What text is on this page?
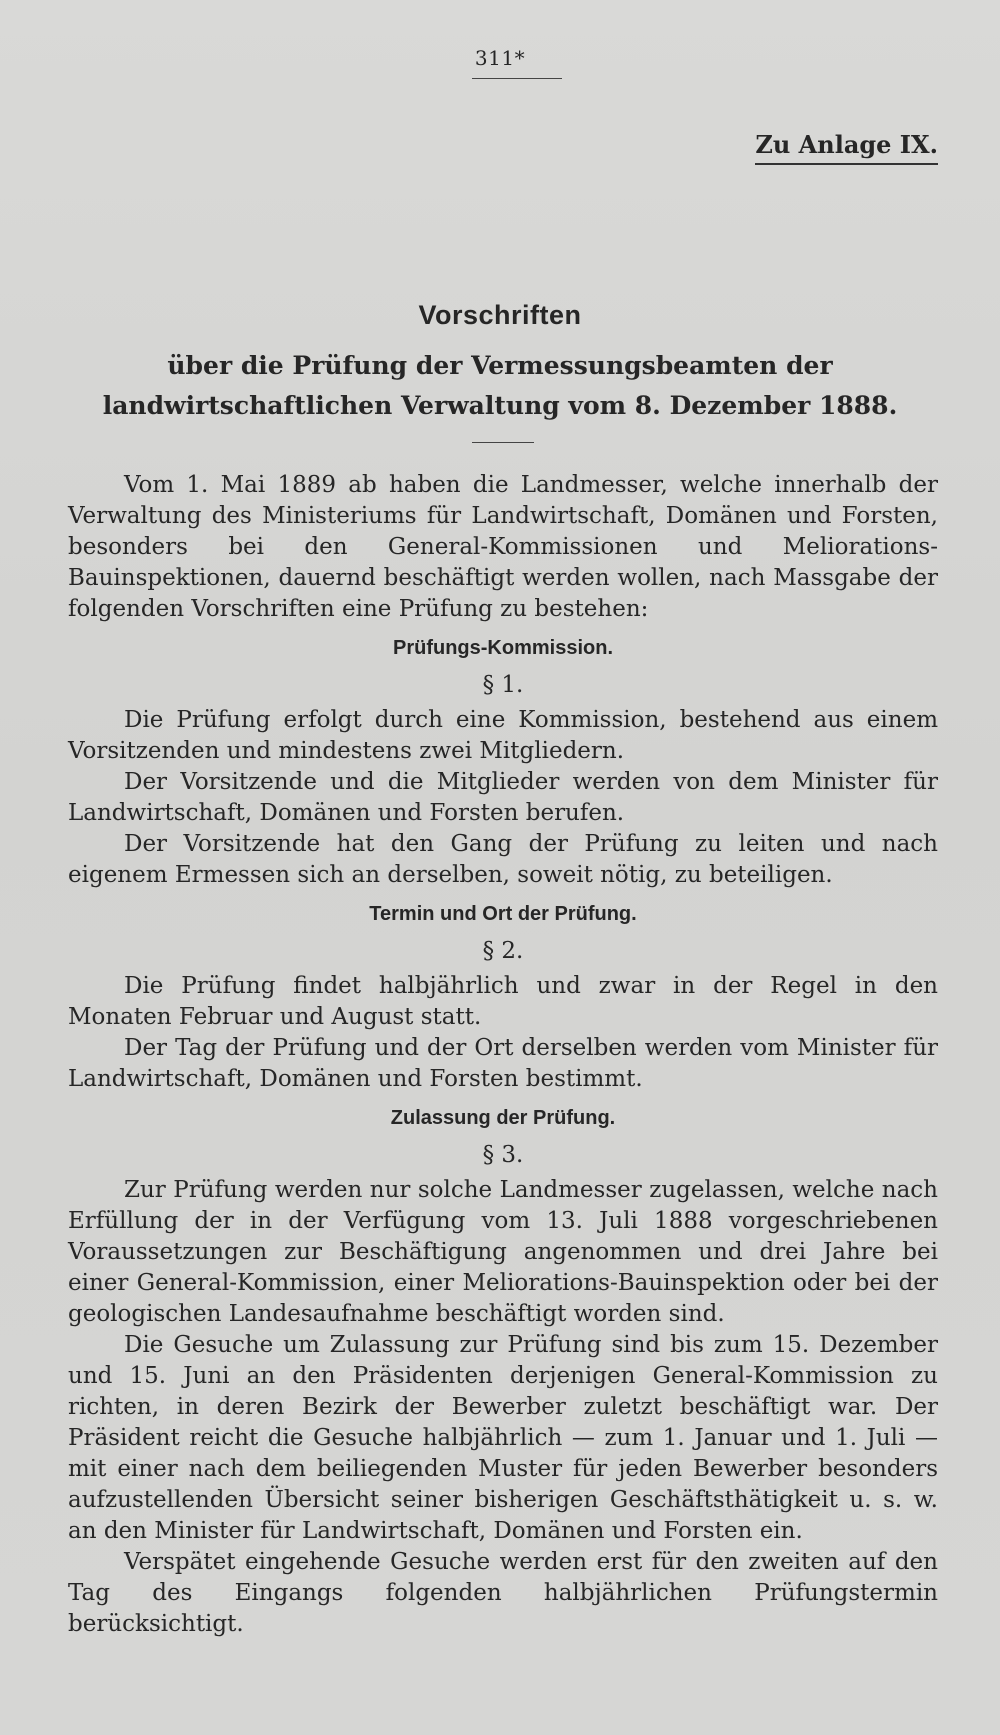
311*
Zu Anlage IX.
Vorschriften
über die Prüfung der Vermessungsbeamten der landwirtschaftlichen Verwaltung vom 8. Dezember 1888.

Vom 1. Mai 1889 ab haben die Landmesser, welche innerhalb der Verwaltung des Ministeriums für Landwirtschaft, Domänen und Forsten, besonders bei den General-Kommissionen und Meliorations-Bauinspektionen, dauernd beschäftigt werden wollen, nach Massgabe der folgenden Vorschriften eine Prüfung zu bestehen:

Prüfungs-Kommission.
§ 1.

Die Prüfung erfolgt durch eine Kommission, bestehend aus einem Vorsitzenden und mindestens zwei Mitgliedern.

Der Vorsitzende und die Mitglieder werden von dem Minister für Landwirtschaft, Domänen und Forsten berufen.

Der Vorsitzende hat den Gang der Prüfung zu leiten und nach eigenem Ermessen sich an derselben, soweit nötig, zu beteiligen.

Termin und Ort der Prüfung.
§ 2.

Die Prüfung findet halbjährlich und zwar in der Regel in den Monaten Februar und August statt.

Der Tag der Prüfung und der Ort derselben werden vom Minister für Landwirtschaft, Domänen und Forsten bestimmt.

Zulassung der Prüfung.
§ 3.

Zur Prüfung werden nur solche Landmesser zugelassen, welche nach Erfüllung der in der Verfügung vom 13. Juli 1888 vorgeschriebenen Voraussetzungen zur Beschäftigung angenommen und drei Jahre bei einer General-Kommission, einer Meliorations-Bauinspektion oder bei der geologischen Landesaufnahme beschäftigt worden sind.

Die Gesuche um Zulassung zur Prüfung sind bis zum 15. Dezember und 15. Juni an den Präsidenten derjenigen General-Kommission zu richten, in deren Bezirk der Bewerber zuletzt beschäftigt war. Der Präsident reicht die Gesuche halbjährlich — zum 1. Januar und 1. Juli — mit einer nach dem beiliegenden Muster für jeden Bewerber besonders aufzustellenden Übersicht seiner bisherigen Geschäftsthätigkeit u. s. w. an den Minister für Landwirtschaft, Domänen und Forsten ein.

Verspätet eingehende Gesuche werden erst für den zweiten auf den Tag des Eingangs folgenden halbjährlichen Prüfungstermin berücksichtigt.
